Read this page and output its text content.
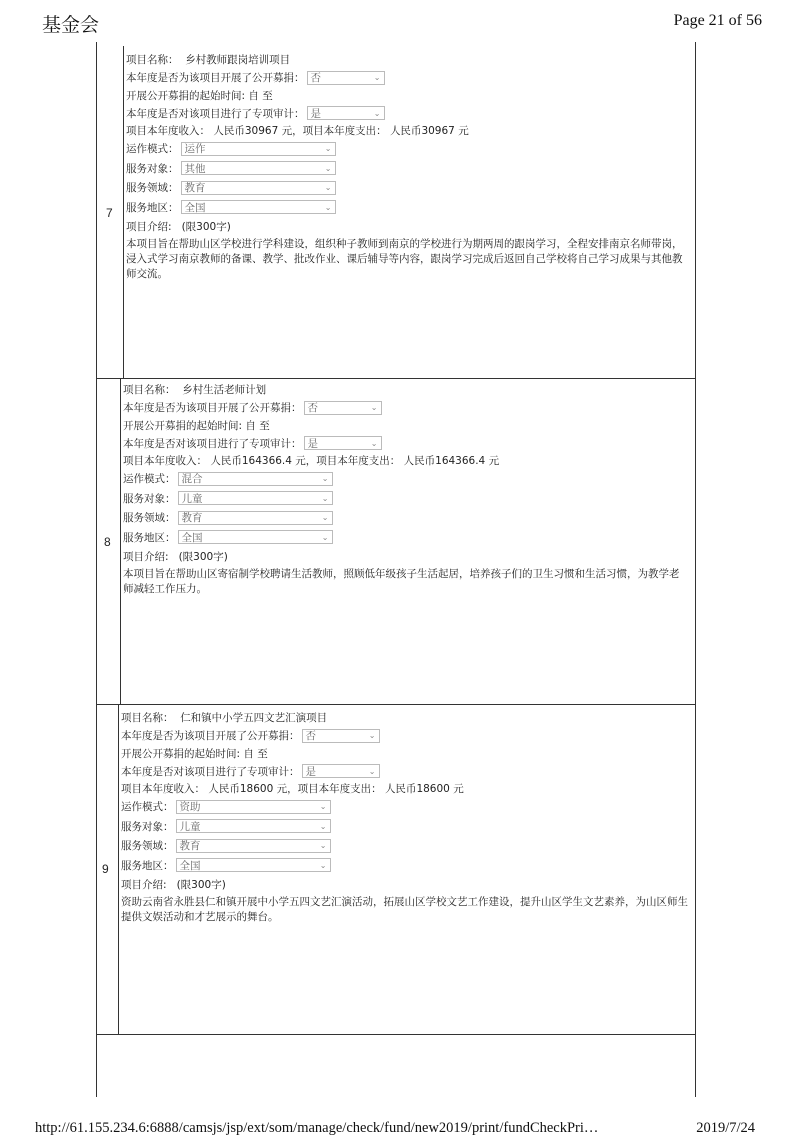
基金会	Page 21 of 56
7
项目名称： 乡村教师跟岗培训项目
本年度是否为该项目开展了公开募捐： 否	⌄
开展公开募捐的起始时间: 自 至
本年度是否对该项目进行了专项审计： 是	⌄
项目本年度收入： 人民币30967 元，项目本年度支出： 人民币30967 元
运作模式： 运作	⌄
服务对象： 其他	⌄
服务领域： 教育	⌄
服务地区： 全国	⌄
项目介绍: (限300字)
本项目旨在帮助山区学校进行学科建设，组织种子教师到南京的学校进行为期两周的跟岗学习，全程安排南京名师带岗，浸入式学习南京教师的备课、教学、批改作业、课后辅导等内容，跟岗学习完成后返回自己学校将自己学习成果与其他教师交流。
8
项目名称： 乡村生活老师计划
本年度是否为该项目开展了公开募捐： 否	⌄
开展公开募捐的起始时间: 自 至
本年度是否对该项目进行了专项审计： 是	⌄
项目本年度收入： 人民币164366.4 元，项目本年度支出： 人民币164366.4 元
运作模式： 混合	⌄
服务对象： 儿童	⌄
服务领域： 教育	⌄
服务地区： 全国	⌄
项目介绍: (限300字)
本项目旨在帮助山区寄宿制学校聘请生活教师，照顾低年级孩子生活起居，培养孩子们的卫生习惯和生活习惯，为教学老师减轻工作压力。
9
项目名称： 仁和镇中小学五四文艺汇演项目
本年度是否为该项目开展了公开募捐： 否	⌄
开展公开募捐的起始时间: 自 至
本年度是否对该项目进行了专项审计： 是	⌄
项目本年度收入： 人民币18600 元，项目本年度支出： 人民币18600 元
运作模式： 资助	⌄
服务对象： 儿童	⌄
服务领域： 教育	⌄
服务地区： 全国	⌄
项目介绍: (限300字)
资助云南省永胜县仁和镇开展中小学五四文艺汇演活动，拓展山区学校文艺工作建设，提升山区学生文艺素养，为山区师生提供文娱活动和才艺展示的舞台。
http://61.155.234.6:6888/camsjs/jsp/ext/som/manage/check/fund/new2019/print/fundCheckPri…	2019/7/24
